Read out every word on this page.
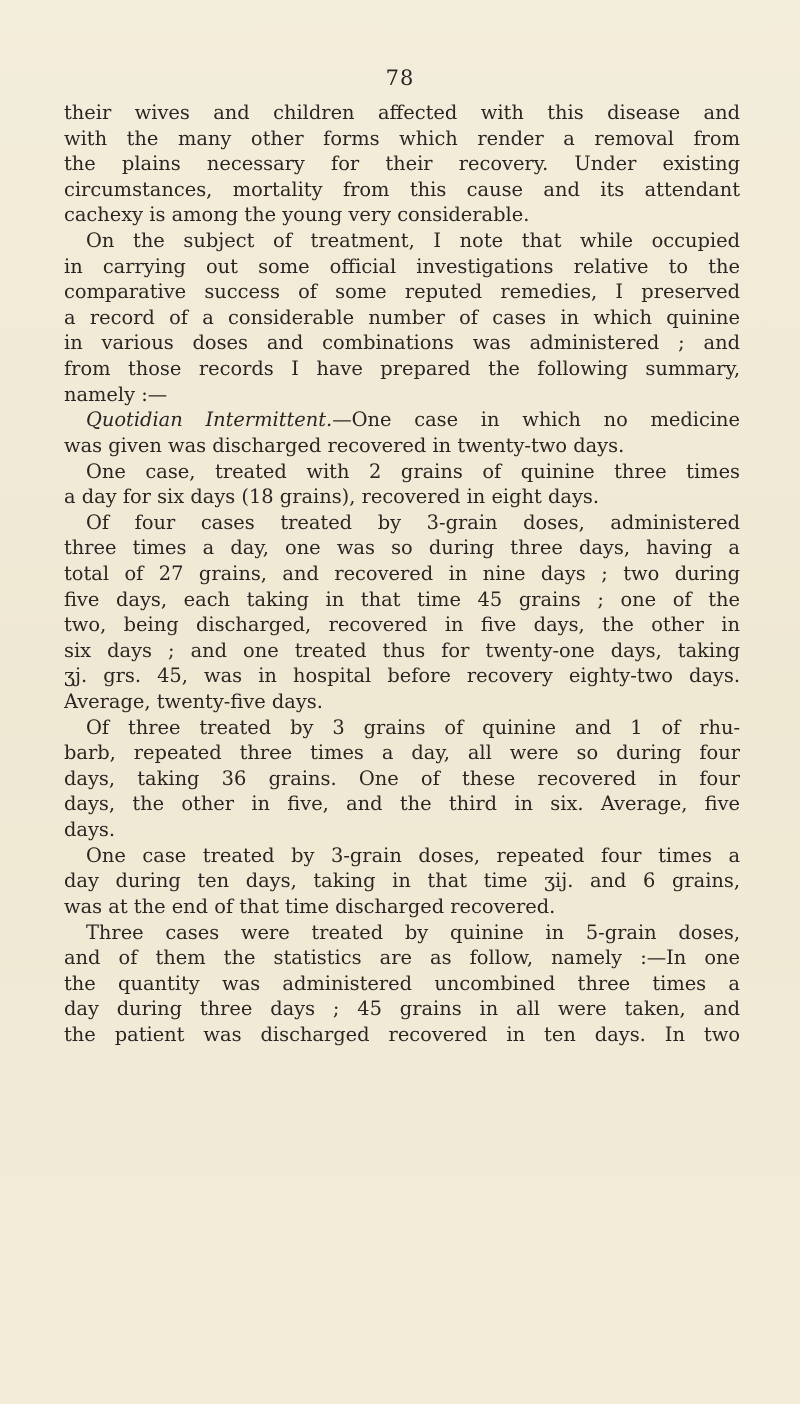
78
their wives and children affected with this disease and
with the many other forms which render a removal from
the plains necessary for their recovery. Under existing
circumstances, mortality from this cause and its attendant
cachexy is among the young very considerable.
On the subject of treatment, I note that while occupied
in carrying out some official investigations relative to the
comparative success of some reputed remedies, I preserved
a record of a considerable number of cases in which quinine
in various doses and combinations was administered ; and
from those records I have prepared the following summary,
namely :—
Quotidian Intermittent.—One case in which no medicine
was given was discharged recovered in twenty-two days.
One case, treated with 2 grains of quinine three times
a day for six days (18 grains), recovered in eight days.
Of four cases treated by 3-grain doses, administered
three times a day, one was so during three days, having a
total of 27 grains, and recovered in nine days ; two during
five days, each taking in that time 45 grains ; one of the
two, being discharged, recovered in five days, the other in
six days ; and one treated thus for twenty-one days, taking
ʒj. grs. 45, was in hospital before recovery eighty-two days.
Average, twenty-five days.
Of three treated by 3 grains of quinine and 1 of rhu-
barb, repeated three times a day, all were so during four
days, taking 36 grains. One of these recovered in four
days, the other in five, and the third in six. Average, five
days.
One case treated by 3-grain doses, repeated four times a
day during ten days, taking in that time ʒij. and 6 grains,
was at the end of that time discharged recovered.
Three cases were treated by quinine in 5-grain doses,
and of them the statistics are as follow, namely :—In one
the quantity was administered uncombined three times a
day during three days ; 45 grains in all were taken, and
the patient was discharged recovered in ten days. In two
